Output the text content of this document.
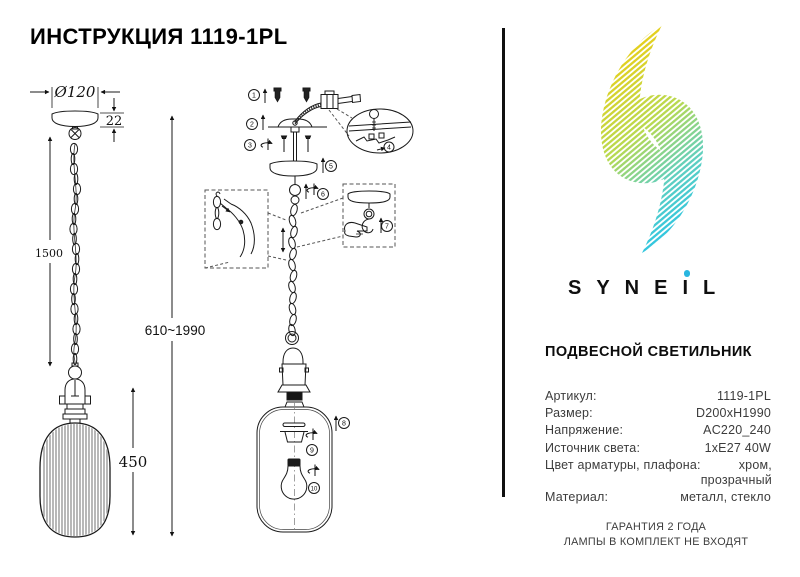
ИНСТРУКЦИЯ 1119-1PL
Ø120
22
1500
610~1990
450
1
4
2
3
5
6
7
8
9
10
SYNE
IL
ПОДВЕСНОЙ СВЕТИЛЬНИК
Артикул:	1119-1PL
Размер:	D200xH1990
Напряжение:	AC220_240
Источник света:	1xE27 40W
Цвет арматуры, плафона:	хром, прозрачный
Материал:	металл, стекло
ГАРАНТИЯ 2 ГОДА
ЛАМПЫ В КОМПЛЕКТ НЕ ВХОДЯТ
